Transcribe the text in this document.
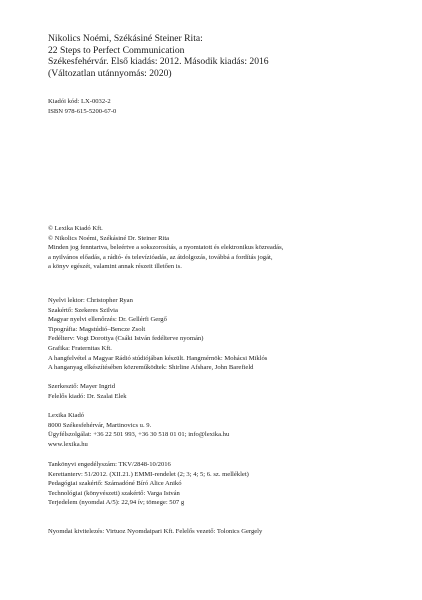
Nikolics Noémi, Székásiné Steiner Rita:
22 Steps to Perfect Communication
Székesfehérvár. Első kiadás: 2012. Második kiadás: 2016
(Változatlan utánnyomás: 2020)
Kiadói kód: LX-0032-2
ISBN 978-615-5200-67-0
© Lexika Kiadó Kft.
© Nikolics Noémi, Székásiné Dr. Steiner Rita
Minden jog fenntartva, beleértve a sokszorosítás, a nyomtatott és elektronikus közreadás,
a nyilvános előadás, a rádió- és televízióadás, az átdolgozás, továbbá a fordítás jogát,
a könyv egészét, valamint annak részeit illetően is.
Nyelvi lektor: Christopher Ryan
Szakértő: Szekeres Szilvia
Magyar nyelvi ellenőrzés: Dr. Gellérfi Gergő
Tipográfia: Magstúdió–Bencze Zsolt
Fedélterv: Vogt Dorottya (Csáki István fedélterve nyomán)
Grafika: Fraternitas Kft.
A hangfelvétel a Magyar Rádió stúdiójában készült. Hangmérnök: Mohácsi Miklós
A hanganyag elkészítésében közreműködtek: Shirline Afshare, John Barefield
Szerkesztő: Mayer Ingrid
Felelős kiadó: Dr. Szalai Elek
Lexika Kiadó
8000 Székesfehérvár, Martinovics u. 9.
Ügyfélszolgálat: +36 22 501 993, +36 30 518 01 01; info@lexika.hu
www.lexika.hu
Tankönyvi engedélyszám: TKV/2848-10/2016
Kerettanterv: 51/2012. (XII.21.) EMMI-rendelet (2; 3; 4; 5; 6. sz. melléklet)
Pedagógiai szakértő: Számadóné Bíró Alice Anikó
Technológiai (könyvészeti) szakértő: Varga István
Terjedelem (nyomdai A/5): 22,94 ív; tömege: 507 g
Nyomdai kivitelezés: Virtuoz Nyomdaipari Kft. Felelős vezető: Tolonics Gergely
